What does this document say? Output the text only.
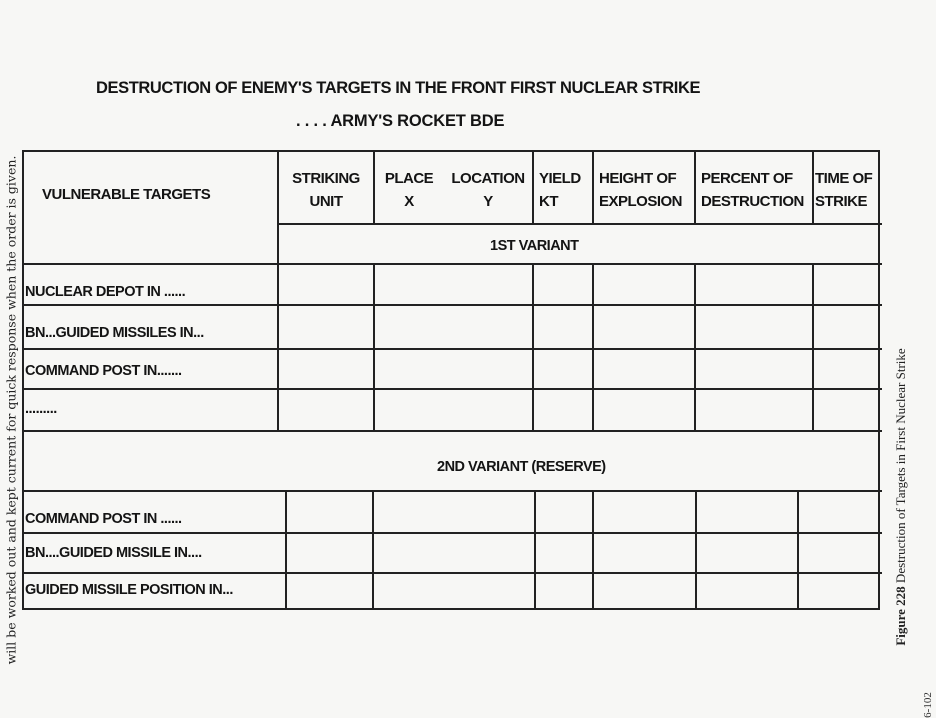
DESTRUCTION OF ENEMY'S TARGETS IN THE FRONT FIRST NUCLEAR STRIKE
. . . . ARMY'S ROCKET BDE
will be worked out and kept current for quick response when the order is given.	Figure 228 Destruction of Targets in First Nuclear Strike
6-102
VULNERABLE TARGETS
STRIKING
UNIT
PLACE
X
LOCATION
Y
YIELD
KT
HEIGHT OF
EXPLOSION
PERCENT OF
DESTRUCTION
TIME OF
STRIKE
1ST VARIANT
2ND VARIANT (RESERVE)
NUCLEAR DEPOT IN ......
BN...GUIDED MISSILES IN...
COMMAND POST IN.......
.........
COMMAND POST IN ......
BN....GUIDED MISSILE IN....
GUIDED MISSILE POSITION IN...
